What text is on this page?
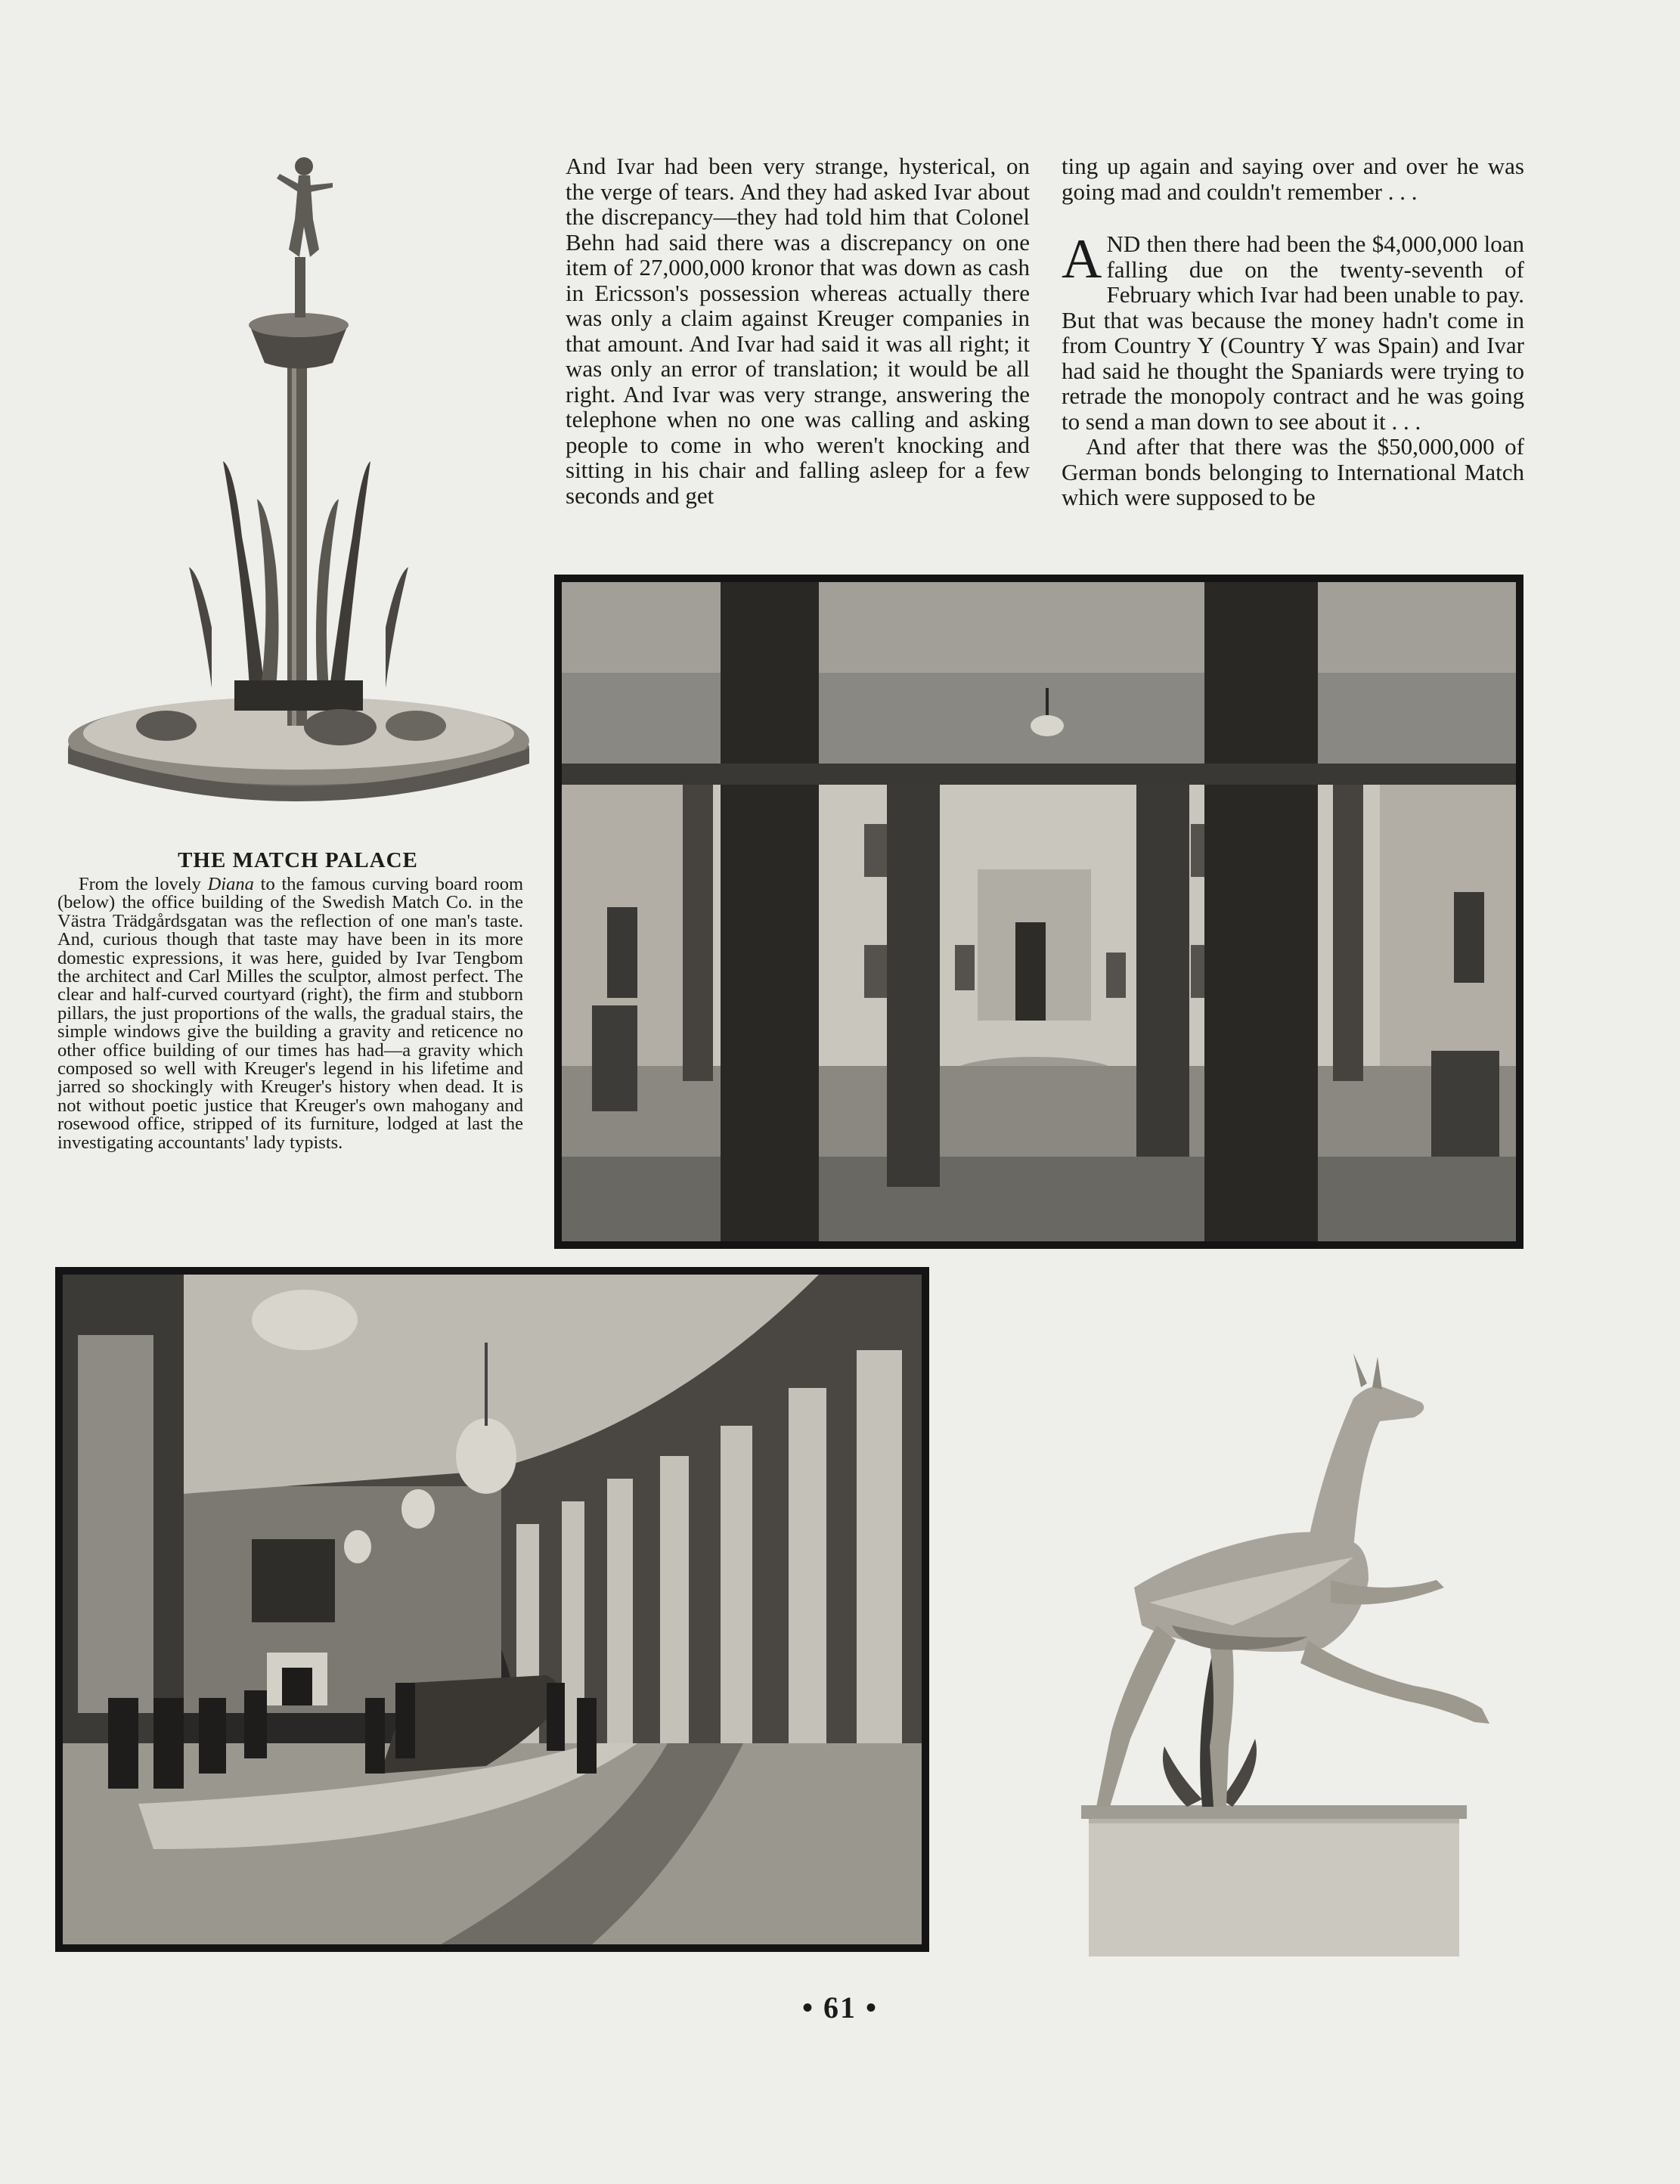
THE MATCH PALACE

From the lovely Diana to the famous curving board room (below) the office building of the Swedish Match Co. in the Västra Trädgårdsgatan was the reflection of one man's taste. And, curious though that taste may have been in its more domestic expressions, it was here, guided by Ivar Tengbom the architect and Carl Milles the sculptor, almost perfect. The clear and half-curved courtyard (right), the firm and stubborn pillars, the just proportions of the walls, the gradual stairs, the simple windows give the building a gravity and reticence no other office building of our times has had—a gravity which composed so well with Kreuger's legend in his lifetime and jarred so shockingly with Kreuger's history when dead. It is not without poetic justice that Kreuger's own mahogany and rosewood office, stripped of its furniture, lodged at last the investigating accountants' lady typists.

And Ivar had been very strange, hysterical, on the verge of tears. And they had asked Ivar about the discrepancy—they had told him that Colonel Behn had said there was a discrepancy on one item of 27,000,000 kronor that was down as cash in Ericsson's possession whereas actually there was only a claim against Kreuger companies in that amount. And Ivar had said it was all right; it was only an error of translation; it would be all right. And Ivar was very strange, answering the telephone when no one was calling and asking people to come in who weren't knocking and sitting in his chair and falling asleep for a few seconds and get

ting up again and saying over and over he was going mad and couldn't remember . . .

AND then there had been the $4,000,000 loan falling due on the twenty-seventh of February which Ivar had been unable to pay. But that was because the money hadn't come in from Country Y (Country Y was Spain) and Ivar had said he thought the Spaniards were trying to retrade the monopoly contract and he was going to send a man down to see about it . . .

And after that there was the $50,000,000 of German bonds belonging to International Match which were supposed to be

• 61 •
